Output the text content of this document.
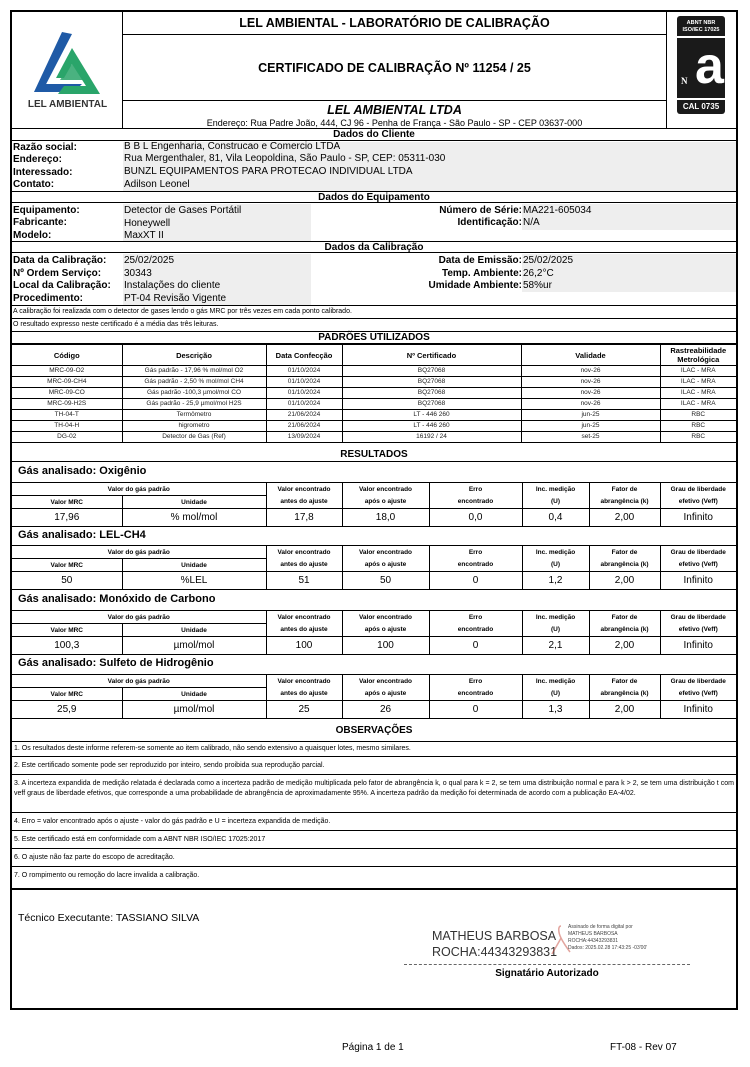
LEL AMBIENTAL
LEL AMBIENTAL - LABORATÓRIO DE CALIBRAÇÃO
CERTIFICADO DE CALIBRAÇÃO Nº 11254 / 25
LEL AMBIENTAL LTDA
Endereço: Rua Padre João, 444, CJ 96 - Penha de França - São Paulo - SP - CEP 03637-000
ABNT NBR
ISO/IEC 17025
a
N
CAL 0735
Dados do Cliente
Razão social:	B B L Engenharia, Construcao e Comercio LTDA
Endereço:	Rua Mergenthaler, 81, Vila Leopoldina, São Paulo - SP, CEP: 05311-030
Interessado:	BUNZL EQUIPAMENTOS PARA PROTECAO INDIVIDUAL LTDA
Contato:	Adilson Leonel
Dados do Equipamento
Equipamento:	Detector de Gases Portátil
Fabricante:	Honeywell
Modelo:	MaxXT II
Número de Série: MA221-605034
Identificação: N/A
Dados da Calibração
Data da Calibração: 25/02/2025
Nº Ordem Serviço: 30343
Local da Calibração: Instalações do cliente
Procedimento:	PT-04 Revisão Vigente
Data de Emissão: 25/02/2025
Temp. Ambiente: 26,2°C
Umidade Ambiente: 58%ur
A calibração foi realizada com o detector de gases lendo o gás MRC por três vezes em cada ponto calibrado.
O resultado expresso neste certificado é a média das três leituras.
PADRÕES UTILIZADOS
Código	Descrição	Data Confecção	Nº Certificado	Validade	Rastreabilidade Metrológica
MRC-09-O2	Gás padrão - 17,96 % mol/mol O2	01/10/2024	BQ27068	nov-26	ILAC - MRA
MRC-09-CH4	Gás padrão - 2,50 % mol/mol CH4	01/10/2024	BQ27068	nov-26	ILAC - MRA
MRC-09-CO	Gás padrão -100,3 µmol/mol CO	01/10/2024	BQ27068	nov-26	ILAC - MRA
MRC-09-H2S	Gás padrão - 25,9 µmol/mol H2S	01/10/2024	BQ27068	nov-26	ILAC - MRA
TH-04-T	Termômetro	21/06/2024	LT - 446 260	jun-25	RBC
TH-04-H	higrometro	21/06/2024	LT - 446 260	jun-25	RBC
DG-02	Detector de Gas (Ref)	13/09/2024	16192 / 24	set-25	RBC
RESULTADOS
Gás analisado: Oxigênio
Valor do gás padrão		Valor encontrado	Valor encontrado	Erro	Inc. medição	Fator de	Grau de liberdade
Valor MRC	Unidade	antes do ajuste	após o ajuste	encontrado	(U)	abrangência (k)	efetivo (Veff)
17,96	% mol/mol	17,8	18,0	0,0	0,4	2,00	Infinito
Gás analisado: LEL-CH4
Valor do gás padrão		Valor encontrado	Valor encontrado	Erro	Inc. medição	Fator de	Grau de liberdade
Valor MRC	Unidade	antes do ajuste	após o ajuste	encontrado	(U)	abrangência (k)	efetivo (Veff)
50	%LEL	51	50	0	1,2	2,00	Infinito
Gás analisado: Monóxido de Carbono
Valor do gás padrão		Valor encontrado	Valor encontrado	Erro	Inc. medição	Fator de	Grau de liberdade
Valor MRC	Unidade	antes do ajuste	após o ajuste	encontrado	(U)	abrangência (k)	efetivo (Veff)
100,3	µmol/mol	100	100	0	2,1	2,00	Infinito
Gás analisado: Sulfeto de Hidrogênio
Valor do gás padrão		Valor encontrado	Valor encontrado	Erro	Inc. medição	Fator de	Grau de liberdade
Valor MRC	Unidade	antes do ajuste	após o ajuste	encontrado	(U)	abrangência (k)	efetivo (Veff)
25,9	µmol/mol	25	26	0	1,3	2,00	Infinito
OBSERVAÇÕES
1. Os resultados deste informe referem-se somente ao item calibrado, não sendo extensivo a quaisquer lotes, mesmo similares.
2. Este certificado somente pode ser reproduzido por inteiro, sendo proibida sua reprodução parcial.
3. A incerteza expandida de medição relatada é declarada como a incerteza padrão de medição multiplicada pelo fator de abrangência k, o qual para k = 2, se tem uma distribuição normal e para k > 2, se tem uma distribuição t com veff graus de liberdade efetivos, que corresponde a uma probabilidade de abrangência de aproximadamente 95%. A incerteza padrão da medição foi determinada de acordo com a publicação EA-4/02.
4. Erro = valor encontrado após o ajuste - valor do gás padrão e U = incerteza expandida de medição.
5. Este certificado está em conformidade com a ABNT NBR ISO/IEC 17025:2017
6. O ajuste não faz parte do escopo de acreditação.
7. O rompimento ou remoção do lacre invalida a calibração.
Técnico Executante: TASSIANO SILVA
MATHEUS BARBOSA
ROCHA:44343293831
Assinado de forma digital por
MATHEUS BARBOSA
ROCHA:44343293831
Dados: 2025.02.28 17:43:25 -03'00'
Signatário Autorizado
Página 1 de 1	FT-08 - Rev 07
